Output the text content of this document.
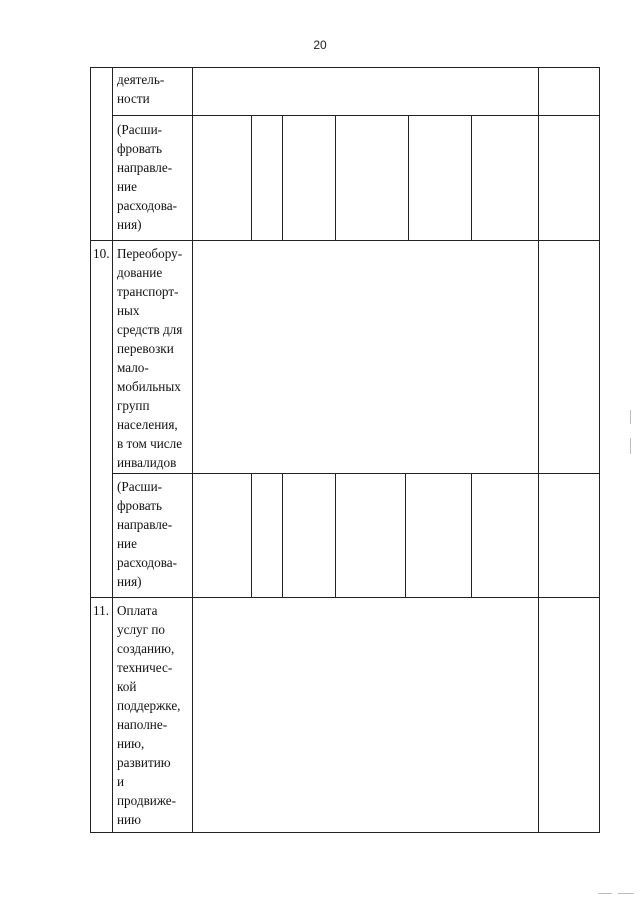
20
10.
11.
деятель-
ности
(Расши-
фровать
направле-
ние
расходова-
ния)
Переобору-
дование
транспорт-
ных
средств для
перевозки
мало-
мобильных
групп
населения,
в том числе
инвалидов
(Расши-
фровать
направле-
ние
расходова-
ния)
Оплата
услуг по
созданию,
техничес-
кой
поддержке,
наполне-
нию,
развитию
и
продвиже-
нию
